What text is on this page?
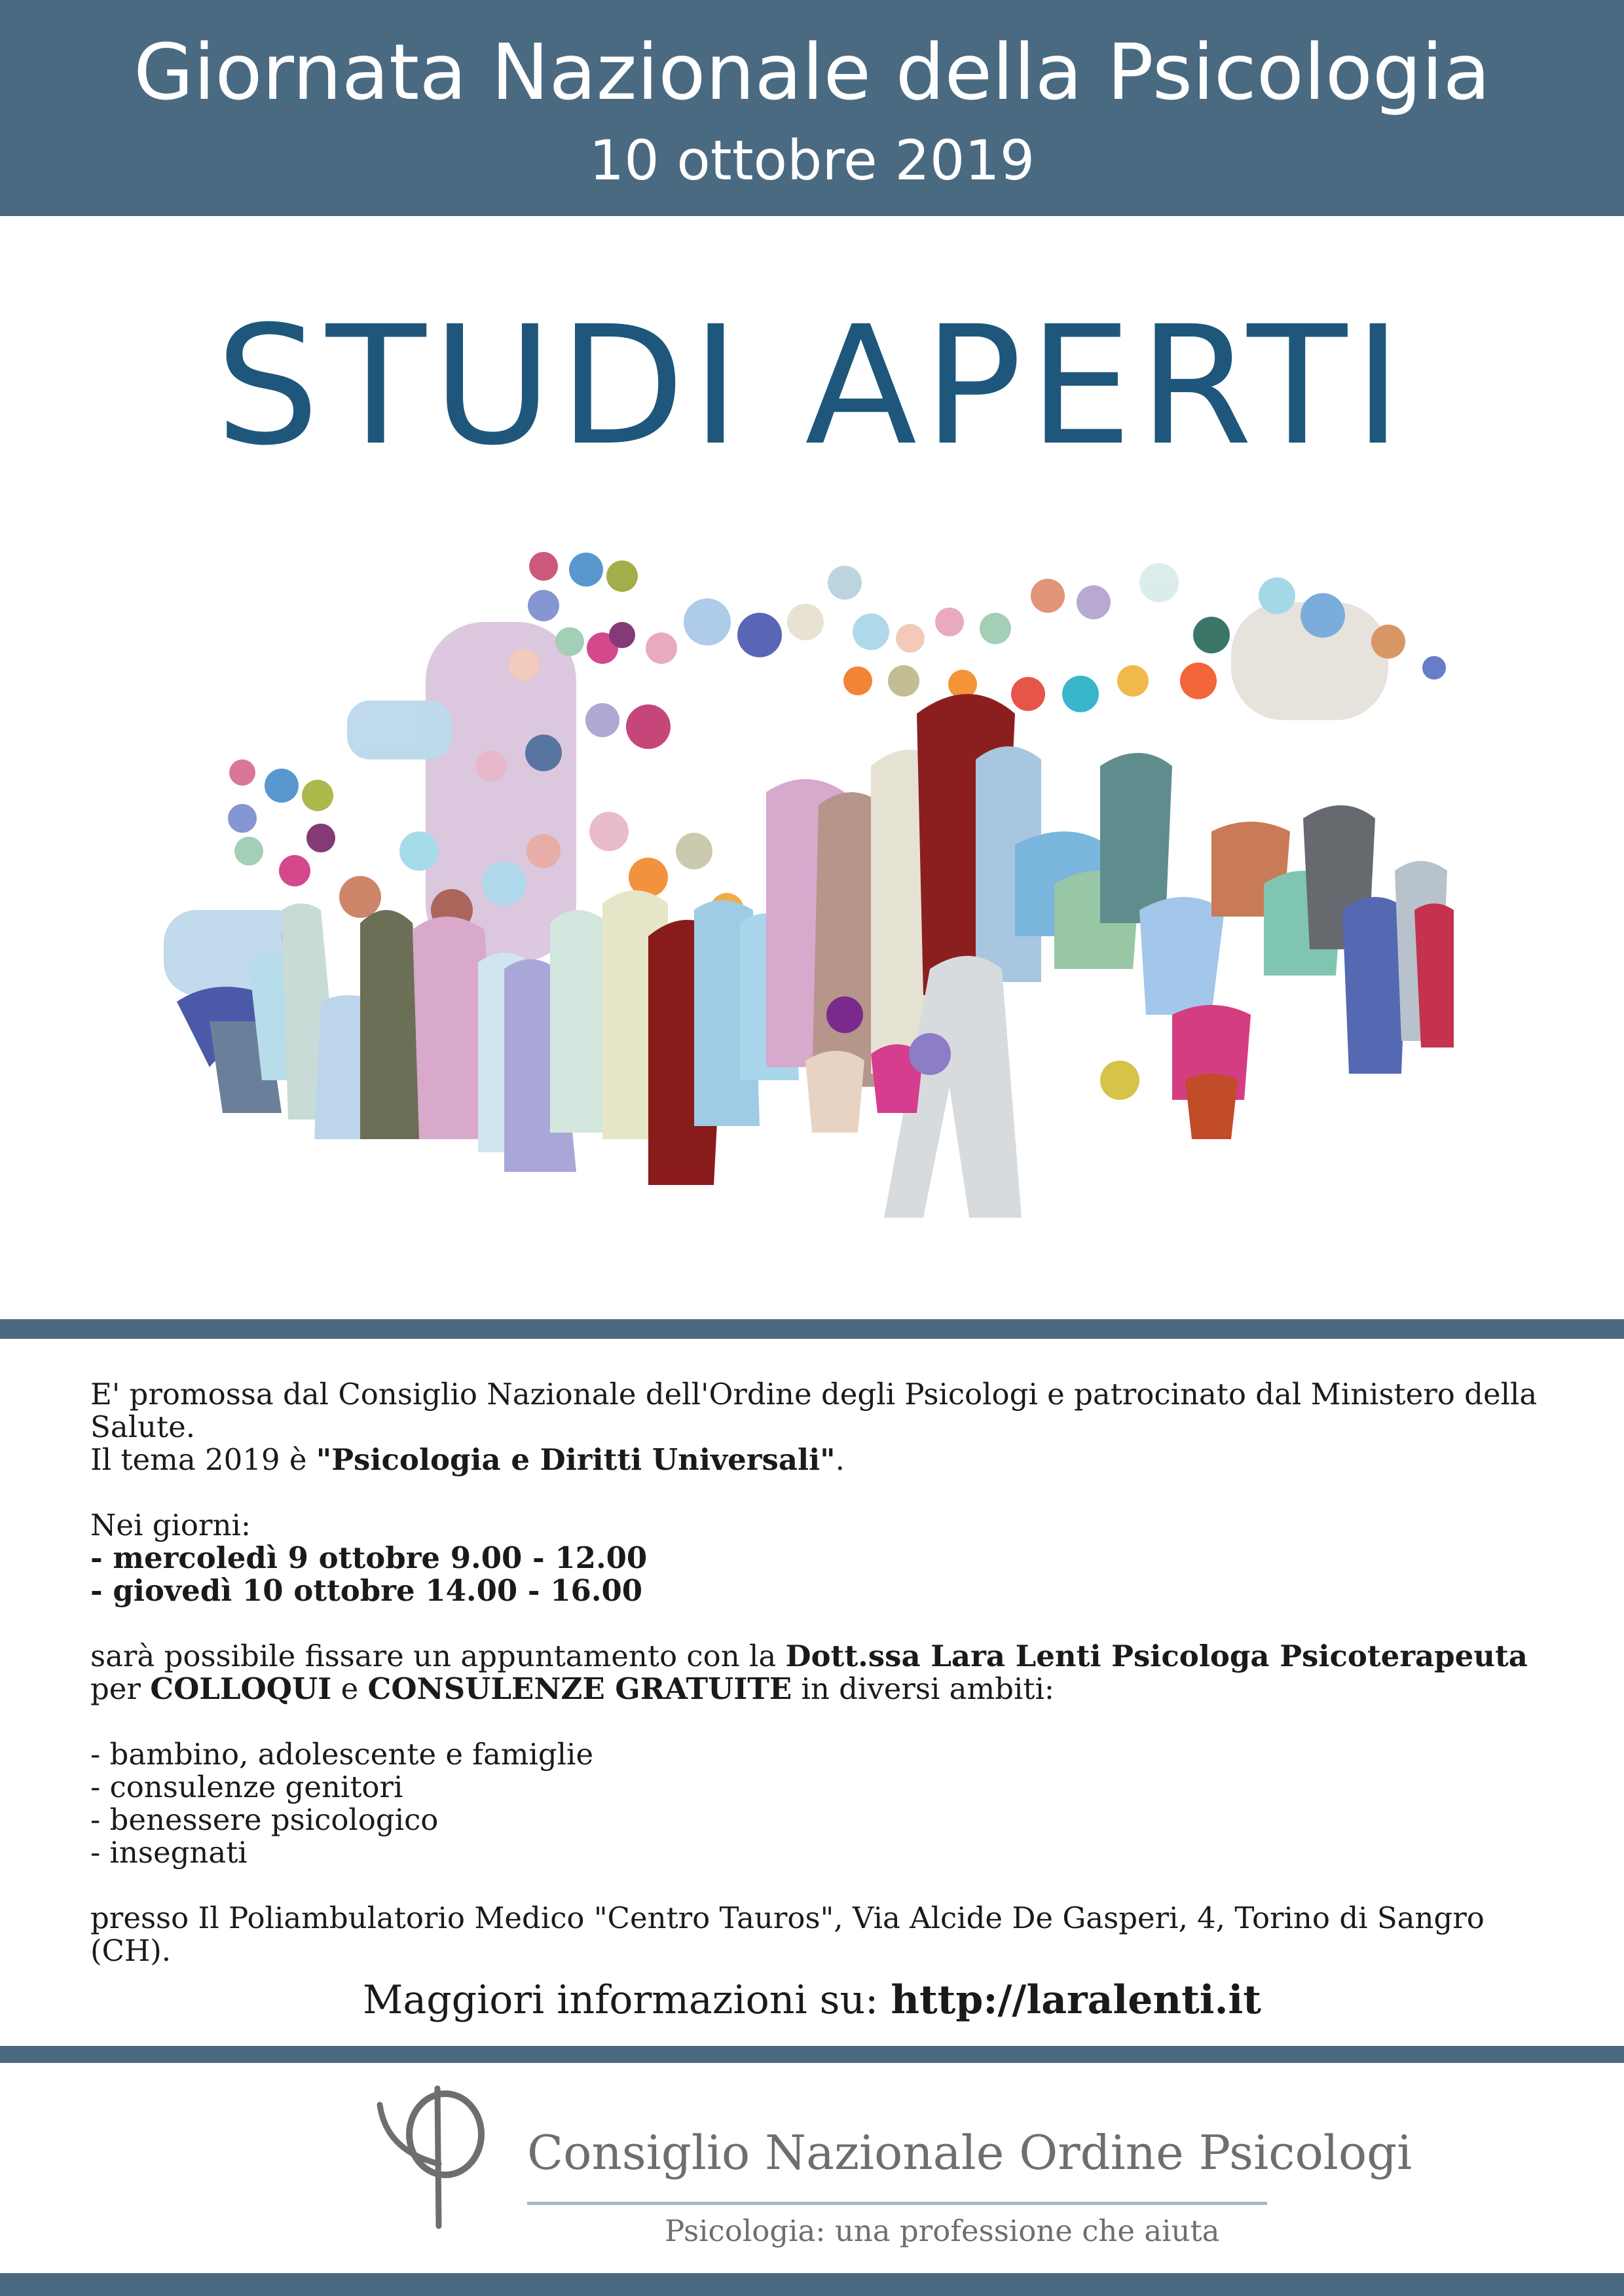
Giornata Nazionale della Psicologia
10 ottobre 2019
STUDI APERTI

E' promossa dal Consiglio Nazionale dell'Ordine degli Psicologi e patrocinato dal Ministero della Salute.

Il tema 2019 è "Psicologia e Diritti Universali".

Nei giorni:

- mercoledì 9 ottobre 9.00 - 12.00

- giovedì 10 ottobre 14.00 - 16.00

sarà possibile fissare un appuntamento con la Dott.ssa Lara Lenti Psicologa Psicoterapeuta

per COLLOQUI e CONSULENZE GRATUITE in diversi ambiti:

- bambino, adolescente e famiglie

- consulenze genitori

- benessere psicologico

- insegnati

presso Il Poliambulatorio Medico "Centro Tauros", Via Alcide De Gasperi, 4, Torino di Sangro (CH).

Maggiori informazioni su: http://laralenti.it
Consiglio Nazionale Ordine Psicologi
Psicologia: una professione che aiuta
